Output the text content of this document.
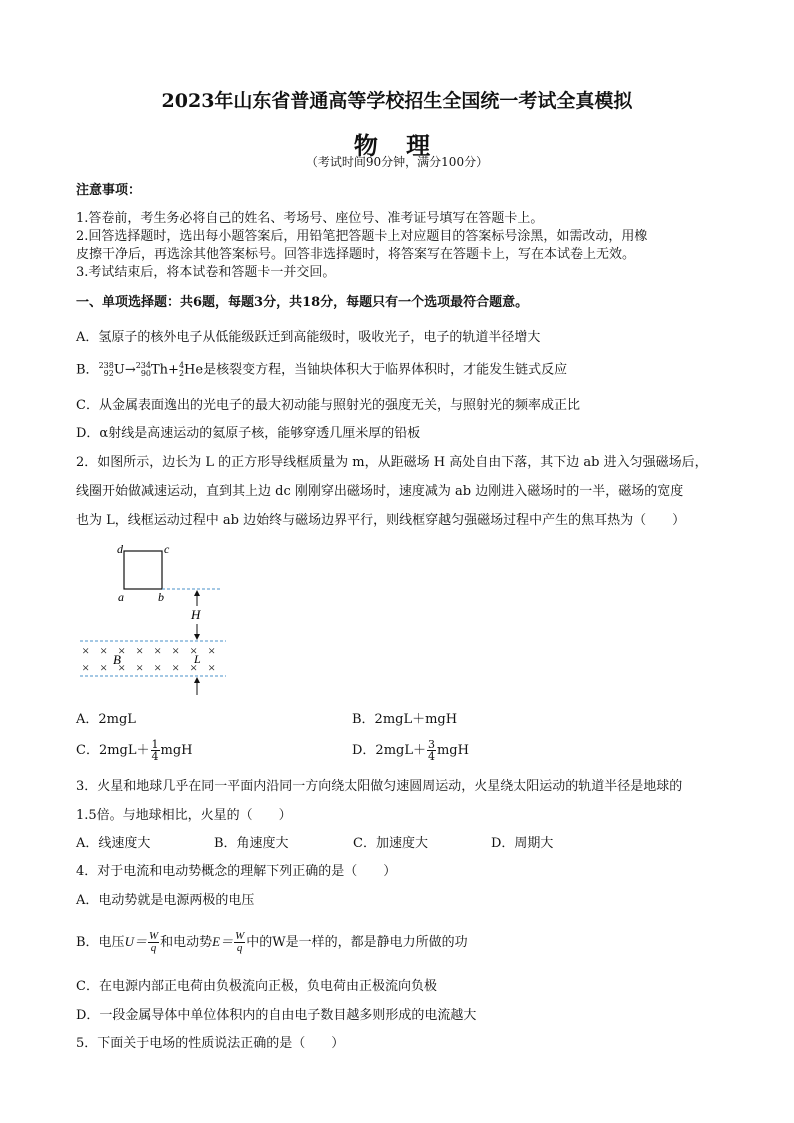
2023年山东省普通高等学校招生全国统一考试全真模拟
物 理
（考试时间90分钟，满分100分）
注意事项：
1.答卷前，考生务必将自己的姓名、考场号、座位号、准考证号填写在答题卡上。
2.回答选择题时，选出每小题答案后，用铅笔把答题卡上对应题目的答案标号涂黑，如需改动，用橡
皮擦干净后，再选涂其他答案标号。回答非选择题时，将答案写在答题卡上，写在本试卷上无效。
3.考试结束后，将本试卷和答题卡一并交回。
一、单项选择题：共6题，每题3分，共18分，每题只有一个选项最符合题意。
A．氢原子的核外电子从低能级跃迁到高能级时，吸收光子，电子的轨道半径增大
B． 238
92 U→ 234
90 Th+ 4
2 He是核裂变方程，当铀块体积大于临界体积时，才能发生链式反应
C．从金属表面逸出的光电子的最大初动能与照射光的强度无关，与照射光的频率成正比
D．α射线是高速运动的氦原子核，能够穿透几厘米厚的铅板
2．如图所示，边长为 L 的正方形导线框质量为 m，从距磁场 H 高处自由下落，其下边 ab 进入匀强磁场后，
线圈开始做减速运动，直到其上边 dc 刚刚穿出磁场时，速度减为 ab 边刚进入磁场时的一半，磁场的宽度
也为 L，线框运动过程中 ab 边始终与磁场边界平行，则线框穿越匀强磁场过程中产生的焦耳热为（　　）
d	c
a	b
H
× × × × × × × ×
× × × × × × × ×
B	L
A．2mgL	B．2mgL＋mgH
C．$2mgL+ \frac{1}{4}$ mgH	D．$2mgL+ \frac{3}{4}$ mgH
3．火星和地球几乎在同一平面内沿同一方向绕太阳做匀速圆周运动，火星绕太阳运动的轨道半径是地球的
1.5倍。与地球相比，火星的（　　）
A．线速度大	B．角速度大	C．加速度大	D．周期大
4．对于电流和电动势概念的理解下列正确的是（　　）
A．电动势就是电源两极的电压
B．电压$U= \frac{W}{q}$ 和电动势$E= \frac{W}{q}$ 中的W是一样的，都是静电力所做的功
C．在电源内部正电荷由负极流向正极，负电荷由正极流向负极
D．一段金属导体中单位体积内的自由电子数目越多则形成的电流越大
5．下面关于电场的性质说法正确的是（　　）
